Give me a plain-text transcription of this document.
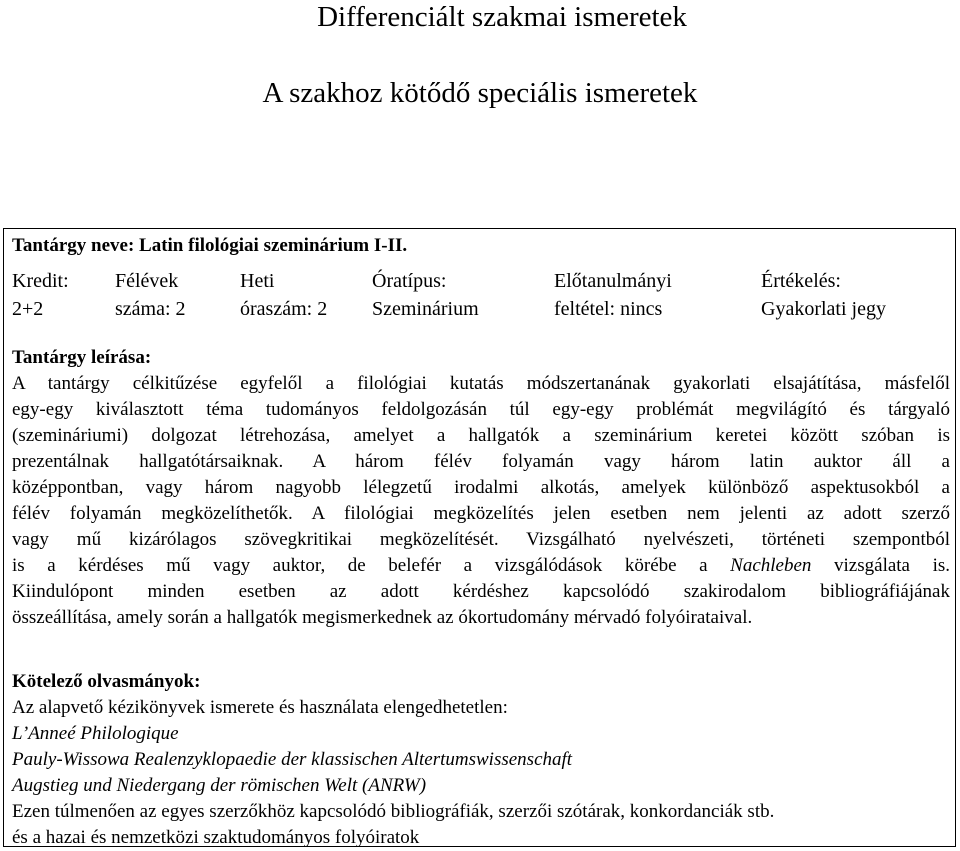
Differenciált szakmai ismeretek
A szakhoz kötődő speciális ismeretek
Tantárgy neve: Latin filológiai szeminárium I-II.
Kredit:
2+2
Félévek
száma: 2
Heti
óraszám: 2
Óratípus:
Szeminárium
Előtanulmányi
feltétel: nincs
Értékelés:
Gyakorlati jegy
Tantárgy leírása:
A tantárgy célkitűzése egyfelől a filológiai kutatás módszertanának gyakorlati elsajátítása, másfelől
egy-egy kiválasztott téma tudományos feldolgozásán túl egy-egy problémát megvilágító és tárgyaló
(szemináriumi) dolgozat létrehozása, amelyet a hallgatók a szeminárium keretei között szóban is
prezentálnak hallgatótársaiknak. A három félév folyamán vagy három latin auktor áll a
középpontban, vagy három nagyobb lélegzetű irodalmi alkotás, amelyek különböző aspektusokból a
félév folyamán megközelíthetők. A filológiai megközelítés jelen esetben nem jelenti az adott szerző
vagy mű kizárólagos szövegkritikai megközelítését. Vizsgálható nyelvészeti, történeti szempontból
is a kérdéses mű vagy auktor, de belefér a vizsgálódások körébe a Nachleben vizsgálata is.
Kiindulópont minden esetben az adott kérdéshez kapcsolódó szakirodalom bibliográfiájának
összeállítása, amely során a hallgatók megismerkednek az ókortudomány mérvadó folyóirataival.
Kötelező olvasmányok:
Az alapvető kézikönyvek ismerete és használata elengedhetetlen:
L’Anneé Philologique
Pauly-Wissowa Realenzyklopaedie der klassischen Altertumswissenschaft
Augstieg und Niedergang der römischen Welt (ANRW)
Ezen túlmenően az egyes szerzőkhöz kapcsolódó bibliográfiák, szerzői szótárak, konkordanciák stb.
és a hazai és nemzetközi szaktudományos folyóiratok
